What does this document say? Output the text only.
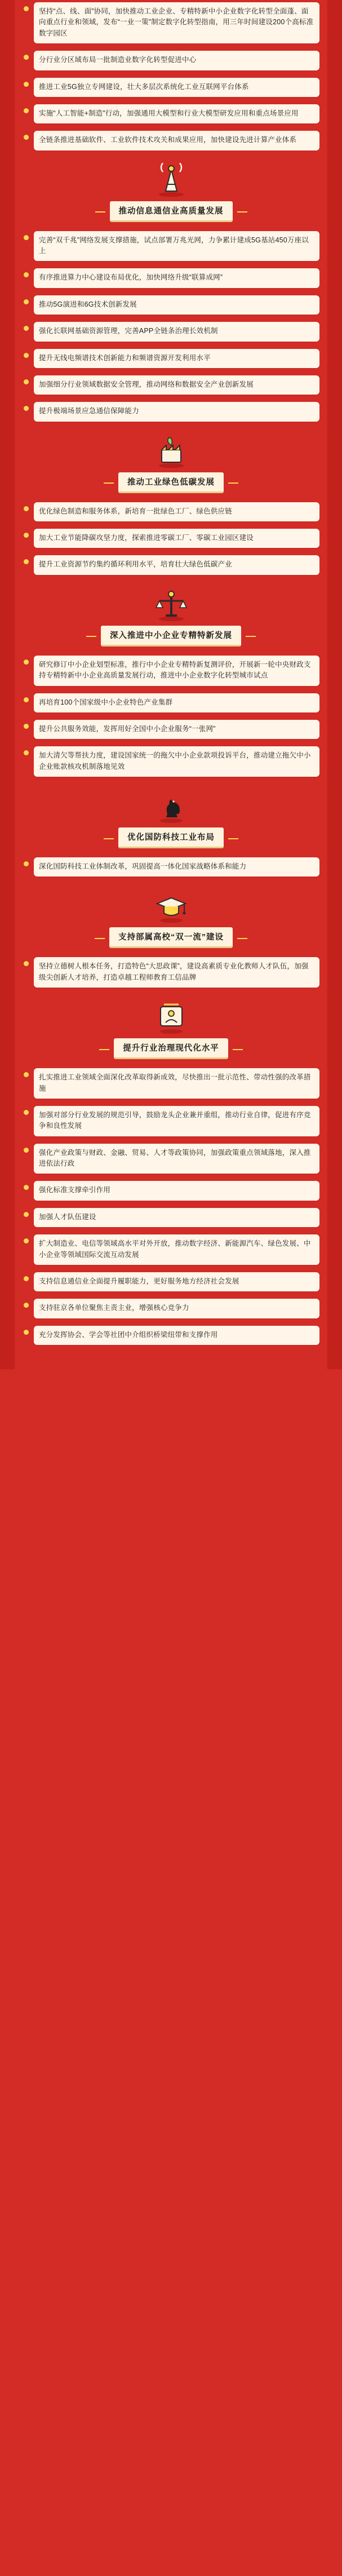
坚持“点、线、面”协同，加快推动工业企业、专精特新中小企业数字化转型全面蓬、面向重点行业和领域，发布“一业一策”制定数字化转型指南，用三年时间建设200个高标准数字园区
分行业分区域布局一批制造业数字化转型促进中心
推进工业5G独立专网建设，壮大多层次系统化工业互联网平台体系
实施“人工智能+制造”行动，加强通用大模型和行业大模型研发应用和重点场景应用
全链条推进基础软件、工业软件技术攻关和成果应用，加快建设先进计算产业体系
推动信息通信业高质量发展
完善“双千兆”网络发展支撑措施，试点部署万兆光网，力争累计建成5G基站450万座以上
有序推进算力中心建设布局优化，加快网络升级“联算成网”
推动5G演进和6G技术创新发展
强化长联网基础资源管理，完善APP全链条治理长效机制
提升无线电频谱技术创新能力和频谱资源开发利用水平
加强细分行业领域数据安全管理，推动网络和数据安全产业创新发展
提升极端场景应急通信保障能力
推动工业绿色低碳发展
优化绿色制造和服务体系，新培育一批绿色工厂、绿色供应链
加大工业节能降碳攻坚力度，探索推进零碳工厂、零碳工业园区建设
提升工业资源节约集约循环利用水平，培育壮大绿色低碳产业
深入推进中小企业专精特新发展
研究修订中小企业划型标准，推行中小企业专精特新复测评价，开展新一轮中央财政支持专精特新中小企业高质量发展行动，推进中小企业数字化转型城市试点
再培育100个国家级中小企业特色产业集群
提升公共服务效能，发挥用好全国中小企业服务“一张网”
加大清欠等帮扶力度，建设国家统一的拖欠中小企业款项投诉平台，推动建立拖欠中小企业账款核攻机制落地见效
优化国防科技工业布局
深化国防科技工业体制改革，巩固提高一体化国家战略体系和能力
支持部属高校“双一流”建设
坚持立德树人根本任务，打造特色“大思政课”，建设高素质专业化教师人才队伍，加强级尖创新人才培养，打造卓越工程师教育工信品牌
提升行业治理现代化水平
扎实推进工业领域全面深化改革取得新成效，尽快推出一批示范性、带动性强的改革措施
加强对部分行业发展的规范引导，鼓励龙头企业兼并重组，推动行业自律，促进有序竞争和良性发展
强化产业政策与财政、金融、贸易、人才等政策协同，加强政策重点领域落地，深入推进依法行政
强化标准支撑牵引作用
加强人才队伍建设
扩大制造业、电信等领域高水平对外开放，推动数字经济、新能源汽车、绿色发展、中小企业等领域国际交流互动发展
支持信息通信业全面提升履职能力，更好服务地方经济社会发展
支持驻京各单位聚焦主责主业，增强核心竞争力
充分发挥协会、学会等社团中介组织桥梁纽带和支撑作用
